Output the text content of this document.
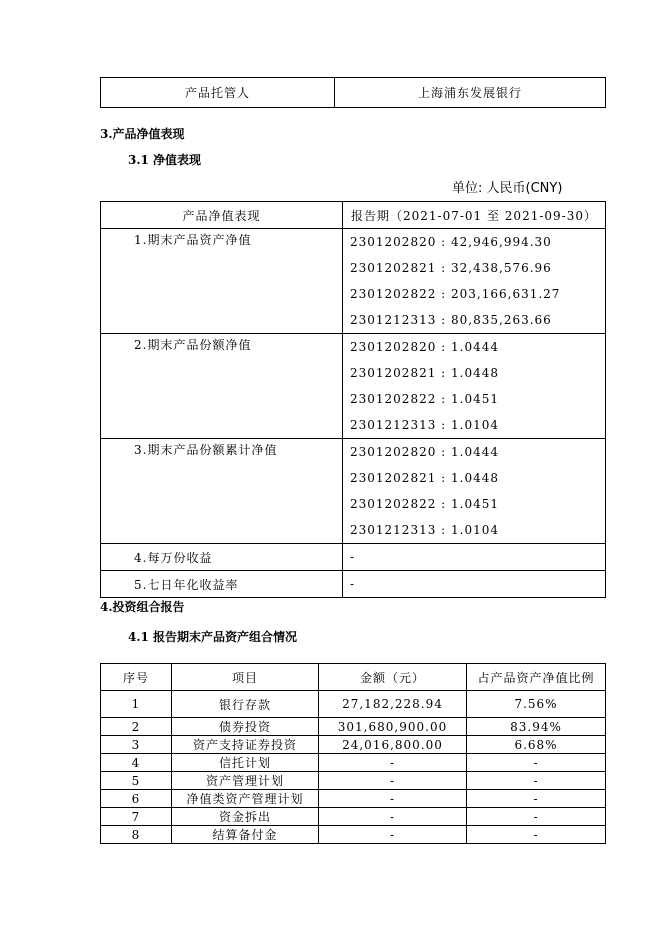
产品托管人	上海浦东发展银行
3.产品净值表现
3.1 净值表现
单位: 人民币(CNY)
产品净值表现	报告期（2021-07-01 至 2021-09-30）
1.期末产品资产净值	2301202820 : 42,946,994.30
2301202821 : 32,438,576.96
2301202822 : 203,166,631.27
2301212313 : 80,835,263.66

2.期末产品份额净值	2301202820 : 1.0444
2301202821 : 1.0448
2301202822 : 1.0451
2301212313 : 1.0104

3.期末产品份额累计净值	2301202820 : 1.0444
2301202821 : 1.0448
2301202822 : 1.0451
2301212313 : 1.0104

4.每万份收益	-
5.七日年化收益率	-
4.投资组合报告
4.1 报告期末产品资产组合情况
序号	项目	金额（元）	占产品资产净值比例
1	银行存款	27,182,228.94	7.56%
2	债券投资	301,680,900.00	83.94%
3	资产支持证券投资	24,016,800.00	6.68%
4	信托计划	-	-
5	资产管理计划	-	-
6	净值类资产管理计划	-	-
7	资金拆出	-	-
8	结算备付金	-	-
